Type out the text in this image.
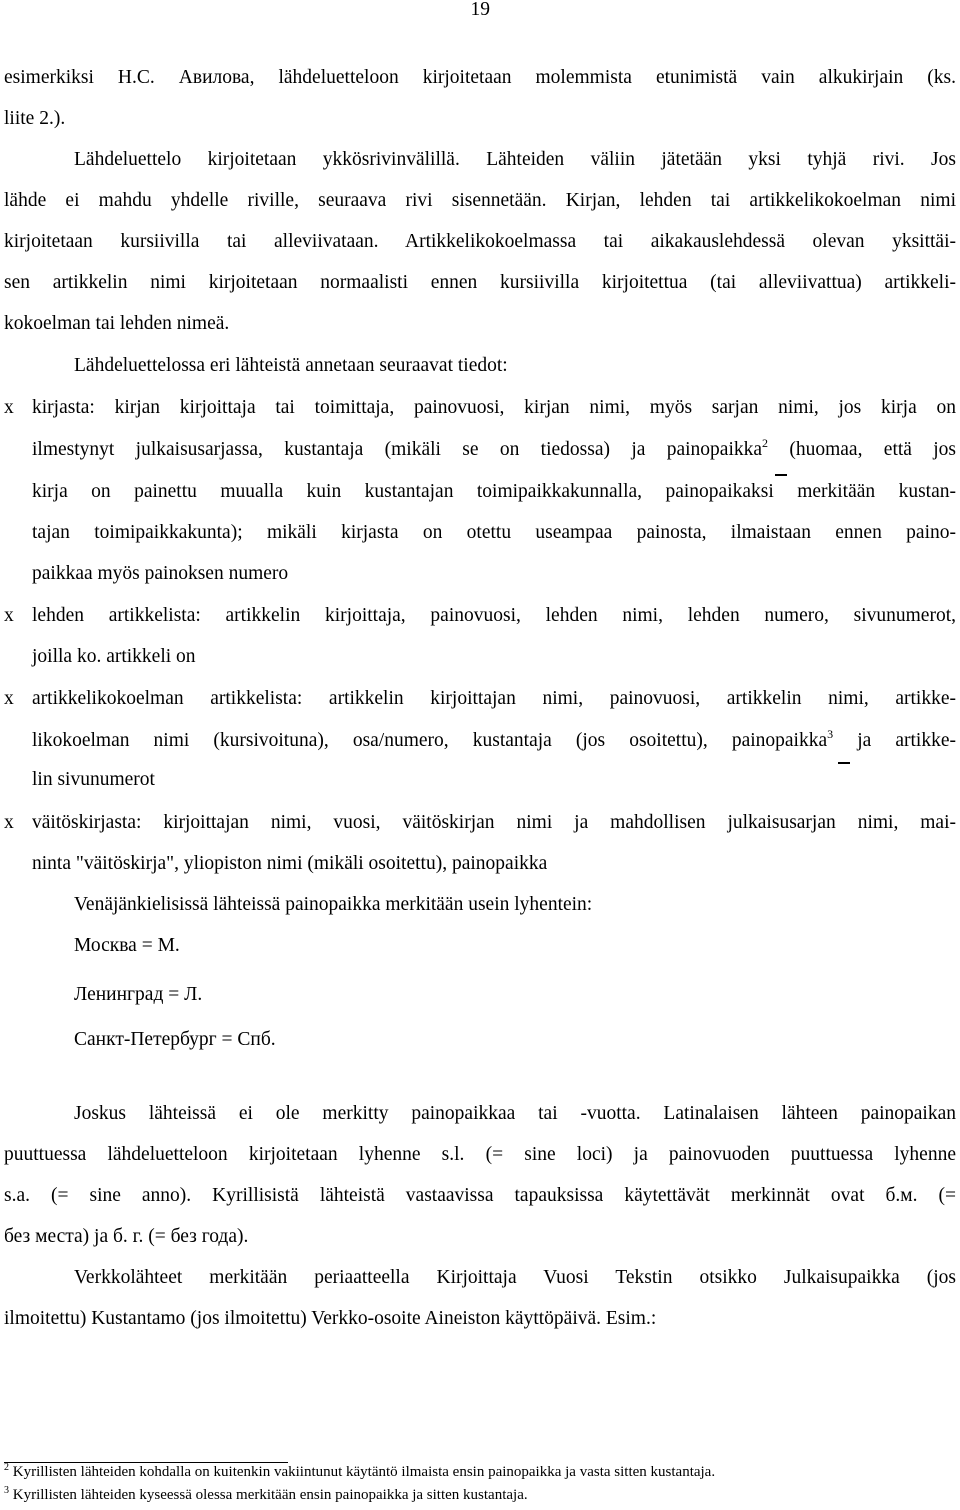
19
esimerkiksi H.C. Авилова, lähdeluetteloon kirjoitetaan molemmista etunimistä vain alkukirjain (ks.
liite 2.).
Lähdeluettelo kirjoitetaan ykkösrivinvälillä. Lähteiden väliin jätetään yksi tyhjä rivi. Jos
lähde ei mahdu yhdelle riville, seuraava rivi sisennetään. Kirjan, lehden tai artikkelikokoelman nimi
kirjoitetaan kursiivilla tai alleviivataan. Artikkelikokoelmassa tai aikakauslehdessä olevan yksittäi-
sen artikkelin nimi kirjoitetaan normaalisti ennen kursiivilla kirjoitettua (tai alleviivattua) artikkeli-
kokoelman tai lehden nimeä.
Lähdeluettelossa eri lähteistä annetaan seuraavat tiedot:
x kirjasta: kirjan kirjoittaja tai toimittaja, painovuosi, kirjan nimi, myös sarjan nimi, jos kirja on
ilmestynyt julkaisusarjassa, kustantaja (mikäli se on tiedossa) ja painopaikka$^2$ (huomaa, että jos
kirja on painettu muualla kuin kustantajan toimipaikkakunnalla, painopaikaksi merkitään kustan-
tajan toimipaikkakunta); mikäli kirjasta on otettu useampaa painosta, ilmaistaan ennen paino-
paikkaa myös painoksen numero
x lehden artikkelista: artikkelin kirjoittaja, painovuosi, lehden nimi, lehden numero, sivunumerot,
joilla ko. artikkeli on
x artikkelikokoelman artikkelista: artikkelin kirjoittajan nimi, painovuosi, artikkelin nimi, artikke-
likokoelman nimi (kursivoituna), osa/numero, kustantaja (jos osoitettu), painopaikka$^3$ ja artikke-
lin sivunumerot
x väitöskirjasta: kirjoittajan nimi, vuosi, väitöskirjan nimi ja mahdollisen julkaisusarjan nimi, mai-
ninta "väitöskirja", yliopiston nimi (mikäli osoitettu), painopaikka
Venäjänkielisissä lähteissä painopaikka merkitään usein lyhentein:
Москва = М.
Ленинград = Л.
Санкт-Петербург = Спб.
Joskus lähteissä ei ole merkitty painopaikkaa tai -vuotta. Latinalaisen lähteen painopaikan
puuttuessa lähdeluetteloon kirjoitetaan lyhenne s.l. (= sine loci) ja painovuoden puuttuessa lyhenne
s.a. (= sine anno). Kyrillisistä lähteistä vastaavissa tapauksissa käytettävät merkinnät ovat б.м. (=
без места) ja б. г. (= без года).
Verkkolähteet merkitään periaatteella Kirjoittaja Vuosi Tekstin otsikko Julkaisupaikka (jos
ilmoitettu) Kustantamo (jos ilmoitettu) Verkko-osoite Aineiston käyttöpäivä. Esim.:
$^2$ Kyrillisten lähteiden kohdalla on kuitenkin vakiintunut käytäntö ilmaista ensin painopaikka ja vasta sitten kustantaja.
$^3$ Kyrillisten lähteiden kyseessä olessa merkitään ensin painopaikka ja sitten kustantaja.
